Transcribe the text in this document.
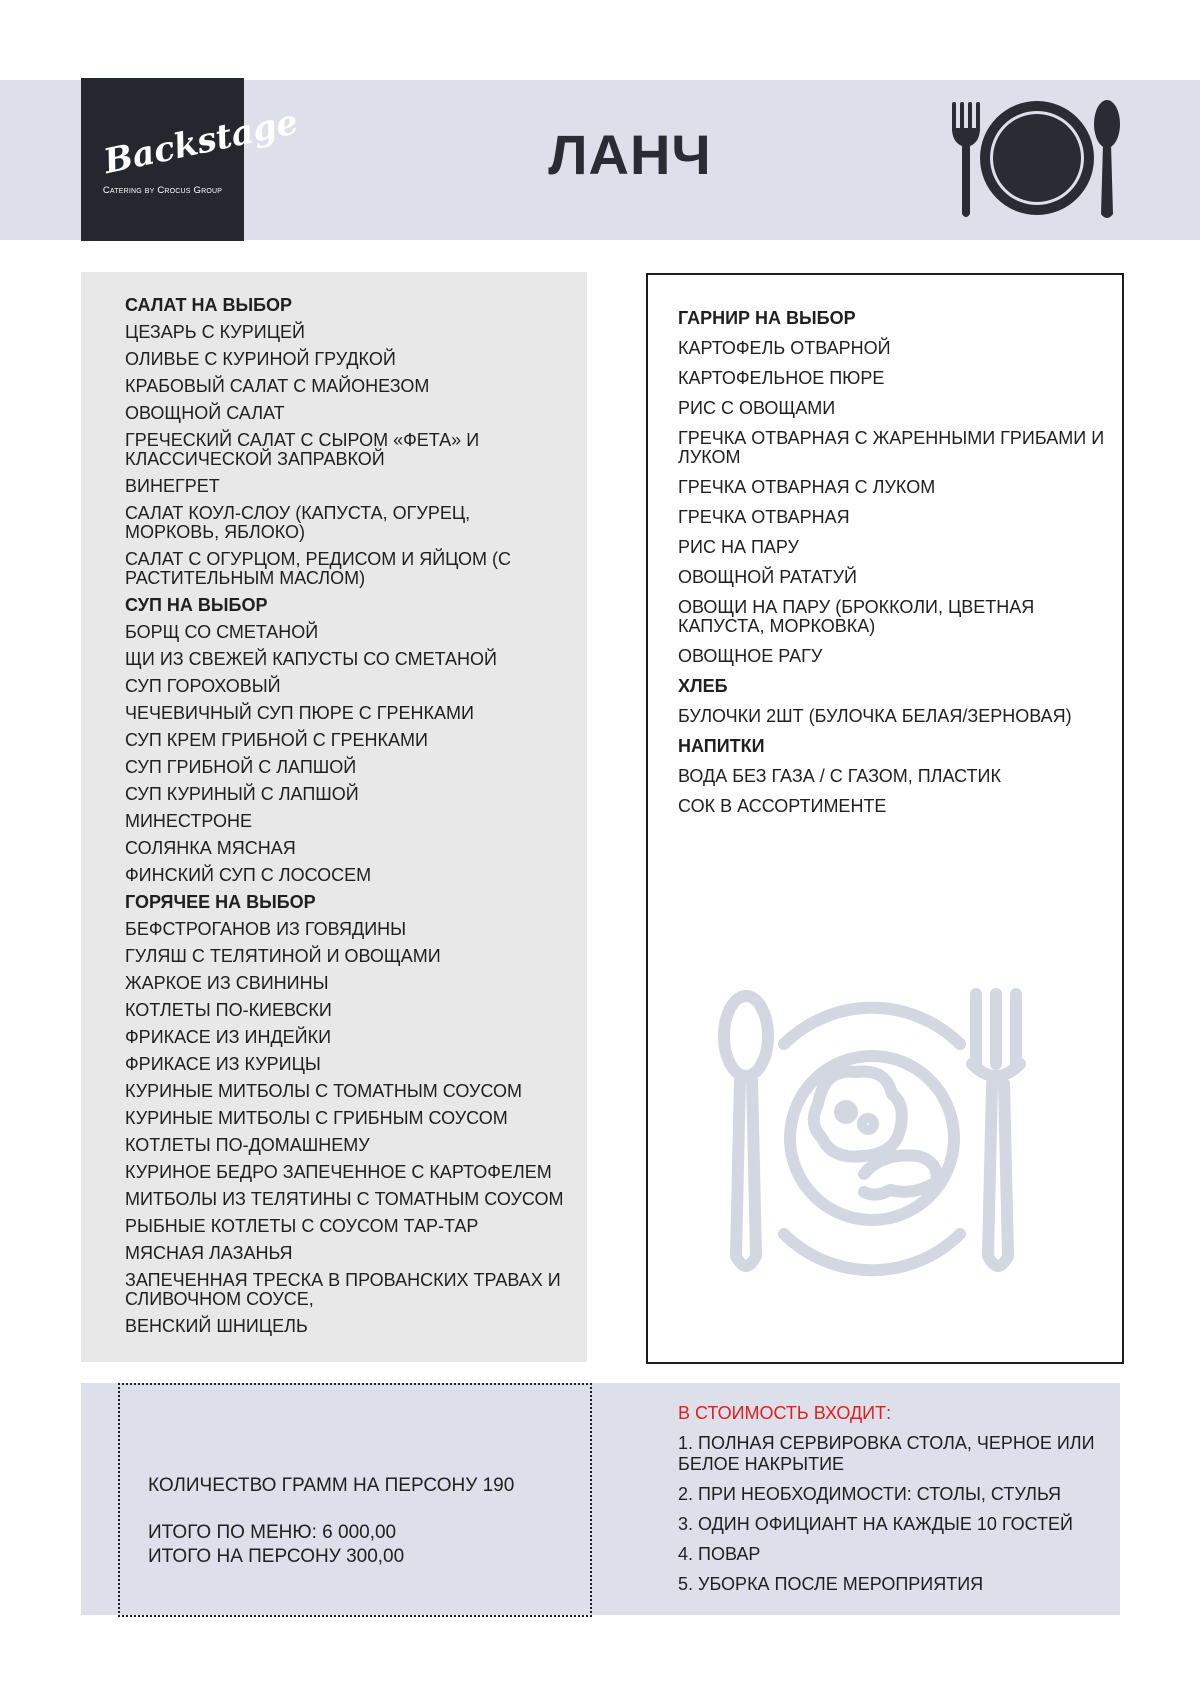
Backstage
Catering by Crocus Group
ЛАНЧ
САЛАТ НА ВЫБОР
ЦЕЗАРЬ С КУРИЦЕЙ
ОЛИВЬЕ С КУРИНОЙ ГРУДКОЙ
КРАБОВЫЙ САЛАТ С МАЙОНЕЗОМ
ОВОЩНОЙ САЛАТ
ГРЕЧЕСКИЙ САЛАТ С СЫРОМ «ФЕТА» И КЛАССИЧЕСКОЙ ЗАПРАВКОЙ
ВИНЕГРЕТ
САЛАТ КОУЛ-СЛОУ (КАПУСТА, ОГУРЕЦ, МОРКОВЬ, ЯБЛОКО)
САЛАТ С ОГУРЦОМ, РЕДИСОМ И ЯЙЦОМ (С РАСТИТЕЛЬНЫМ МАСЛОМ)
СУП НА ВЫБОР
БОРЩ СО СМЕТАНОЙ
ЩИ ИЗ СВЕЖЕЙ КАПУСТЫ СО СМЕТАНОЙ
СУП ГОРОХОВЫЙ
ЧЕЧЕВИЧНЫЙ СУП ПЮРЕ С ГРЕНКАМИ
СУП КРЕМ ГРИБНОЙ С ГРЕНКАМИ
СУП ГРИБНОЙ С ЛАПШОЙ
СУП КУРИНЫЙ С ЛАПШОЙ
МИНЕСТРОНЕ
СОЛЯНКА МЯСНАЯ
ФИНСКИЙ СУП С ЛОСОСЕМ
ГОРЯЧЕЕ НА ВЫБОР
БЕФСТРОГАНОВ ИЗ ГОВЯДИНЫ
ГУЛЯШ С ТЕЛЯТИНОЙ И ОВОЩАМИ
ЖАРКОЕ ИЗ СВИНИНЫ
КОТЛЕТЫ ПО-КИЕВСКИ
ФРИКАСЕ ИЗ ИНДЕЙКИ
ФРИКАСЕ ИЗ КУРИЦЫ
КУРИНЫЕ МИТБОЛЫ С ТОМАТНЫМ СОУСОМ
КУРИНЫЕ МИТБОЛЫ С ГРИБНЫМ СОУСОМ
КОТЛЕТЫ ПО-ДОМАШНЕМУ
КУРИНОЕ БЕДРО ЗАПЕЧЕННОЕ С КАРТОФЕЛЕМ
МИТБОЛЫ ИЗ ТЕЛЯТИНЫ С ТОМАТНЫМ СОУСОМ
РЫБНЫЕ КОТЛЕТЫ С СОУСОМ ТАР-ТАР
МЯСНАЯ ЛАЗАНЬЯ
ЗАПЕЧЕННАЯ ТРЕСКА В ПРОВАНСКИХ ТРАВАХ И СЛИВОЧНОМ СОУСЕ,
ВЕНСКИЙ ШНИЦЕЛЬ
ГАРНИР НА ВЫБОР
КАРТОФЕЛЬ ОТВАРНОЙ
КАРТОФЕЛЬНОЕ ПЮРЕ
РИС С ОВОЩАМИ
ГРЕЧКА ОТВАРНАЯ С ЖАРЕННЫМИ ГРИБАМИ И ЛУКОМ
ГРЕЧКА ОТВАРНАЯ С ЛУКОМ
ГРЕЧКА ОТВАРНАЯ
РИС НА ПАРУ
ОВОЩНОЙ РАТАТУЙ
ОВОЩИ НА ПАРУ (БРОККОЛИ, ЦВЕТНАЯ КАПУСТА, МОРКОВКА)
ОВОЩНОЕ РАГУ
ХЛЕБ
БУЛОЧКИ 2ШТ (БУЛОЧКА БЕЛАЯ/ЗЕРНОВАЯ)
НАПИТКИ
ВОДА БЕЗ ГАЗА / С ГАЗОМ, ПЛАСТИК
СОК В АССОРТИМЕНТЕ
КОЛИЧЕСТВО ГРАММ НА ПЕРСОНУ 190
ИТОГО ПО МЕНЮ: 6 000,00
ИТОГО НА ПЕРСОНУ 300,00
В СТОИМОСТЬ ВХОДИТ:
1. ПОЛНАЯ СЕРВИРОВКА СТОЛА, ЧЕРНОЕ ИЛИ БЕЛОЕ НАКРЫТИЕ
2. ПРИ НЕОБХОДИМОСТИ: СТОЛЫ, СТУЛЬЯ
3. ОДИН ОФИЦИАНТ НА КАЖДЫЕ 10 ГОСТЕЙ
4. ПОВАР
5. УБОРКА ПОСЛЕ МЕРОПРИЯТИЯ
